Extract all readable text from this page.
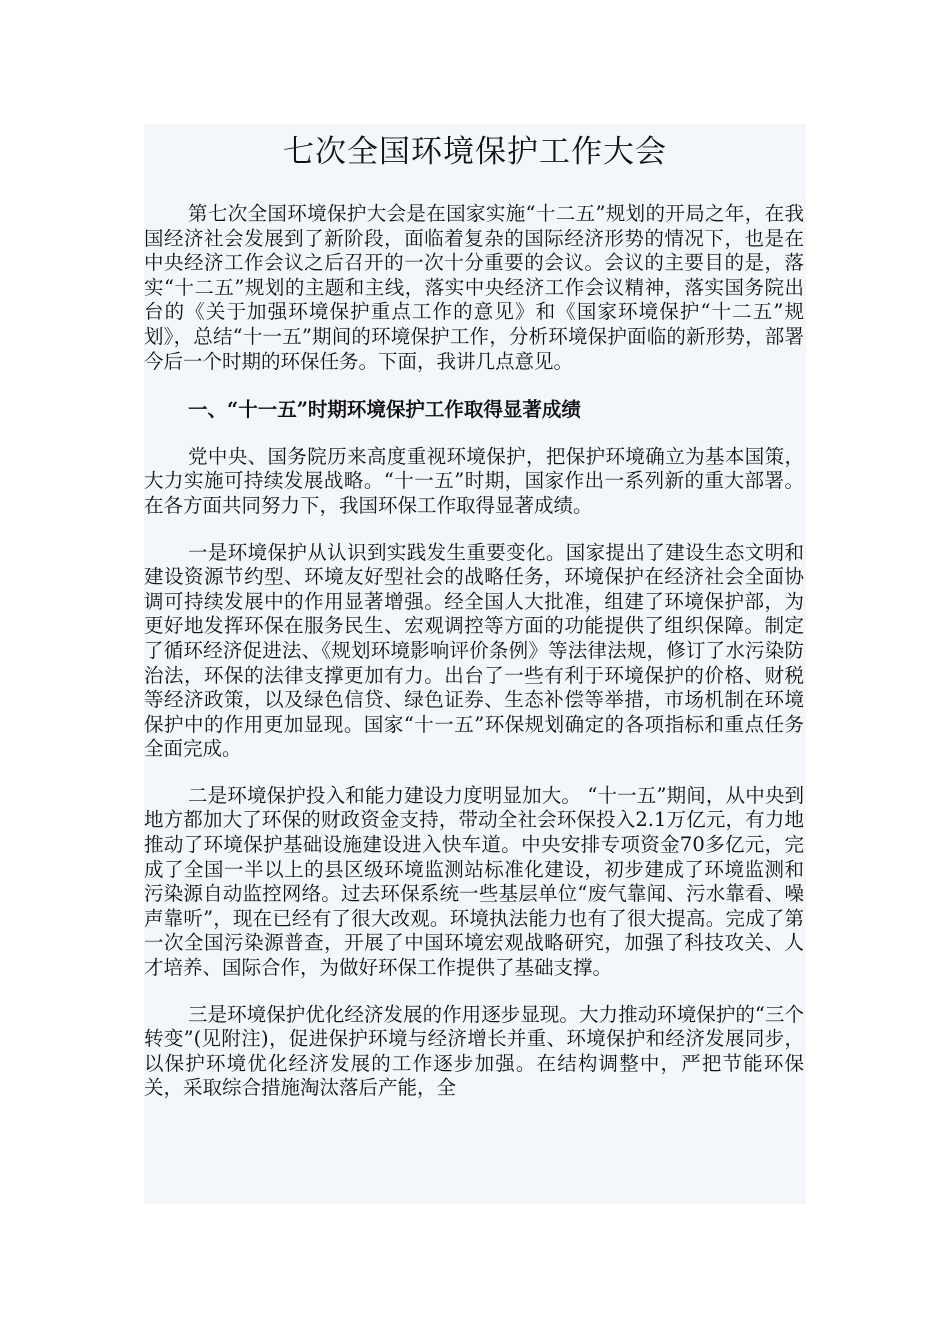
七次全国环境保护工作大会

第七次全国环境保护大会是在国家实施“十二五”规划的开局之年，在我国经济社会发展到了新阶段，面临着复杂的国际经济形势的情况下，也是在中央经济工作会议之后召开的一次十分重要的会议。会议的主要目的是，落实“十二五”规划的主题和主线，落实中央经济工作会议精神，落实国务院出台的《关于加强环境保护重点工作的意见》和《国家环境保护“十二五”规划》，总结“十一五”期间的环境保护工作，分析环境保护面临的新形势，部署今后一个时期的环保任务。下面，我讲几点意见。

一、“十一五”时期环境保护工作取得显著成绩

党中央、国务院历来高度重视环境保护，把保护环境确立为基本国策，大力实施可持续发展战略。“十一五”时期，国家作出一系列新的重大部署。在各方面共同努力下，我国环保工作取得显著成绩。

一是环境保护从认识到实践发生重要变化。国家提出了建设生态文明和建设资源节约型、环境友好型社会的战略任务，环境保护在经济社会全面协调可持续发展中的作用显著增强。经全国人大批准，组建了环境保护部，为更好地发挥环保在服务民生、宏观调控等方面的功能提供了组织保障。制定了循环经济促进法、《规划环境影响评价条例》等法律法规，修订了水污染防治法，环保的法律支撑更加有力。出台了一些有利于环境保护的价格、财税等经济政策，以及绿色信贷、绿色证券、生态补偿等举措，市场机制在环境保护中的作用更加显现。国家“十一五”环保规划确定的各项指标和重点任务全面完成。

二是环境保护投入和能力建设力度明显加大。 “十一五”期间，从中央到地方都加大了环保的财政资金支持，带动全社会环保投入2.1万亿元，有力地推动了环境保护基础设施建设进入快车道。中央安排专项资金70多亿元，完成了全国一半以上的县区级环境监测站标准化建设，初步建成了环境监测和污染源自动监控网络。过去环保系统一些基层单位“废气靠闻、污水靠看、噪声靠听”，现在已经有了很大改观。环境执法能力也有了很大提高。完成了第一次全国污染源普查，开展了中国环境宏观战略研究，加强了科技攻关、人才培养、国际合作，为做好环保工作提供了基础支撑。

三是环境保护优化经济发展的作用逐步显现。大力推动环境保护的“三个转变”(见附注)，促进保护环境与经济增长并重、环境保护和经济发展同步，以保护环境优化经济发展的工作逐步加强。在结构调整中，严把节能环保关，采取综合措施淘汰落后产能，全
